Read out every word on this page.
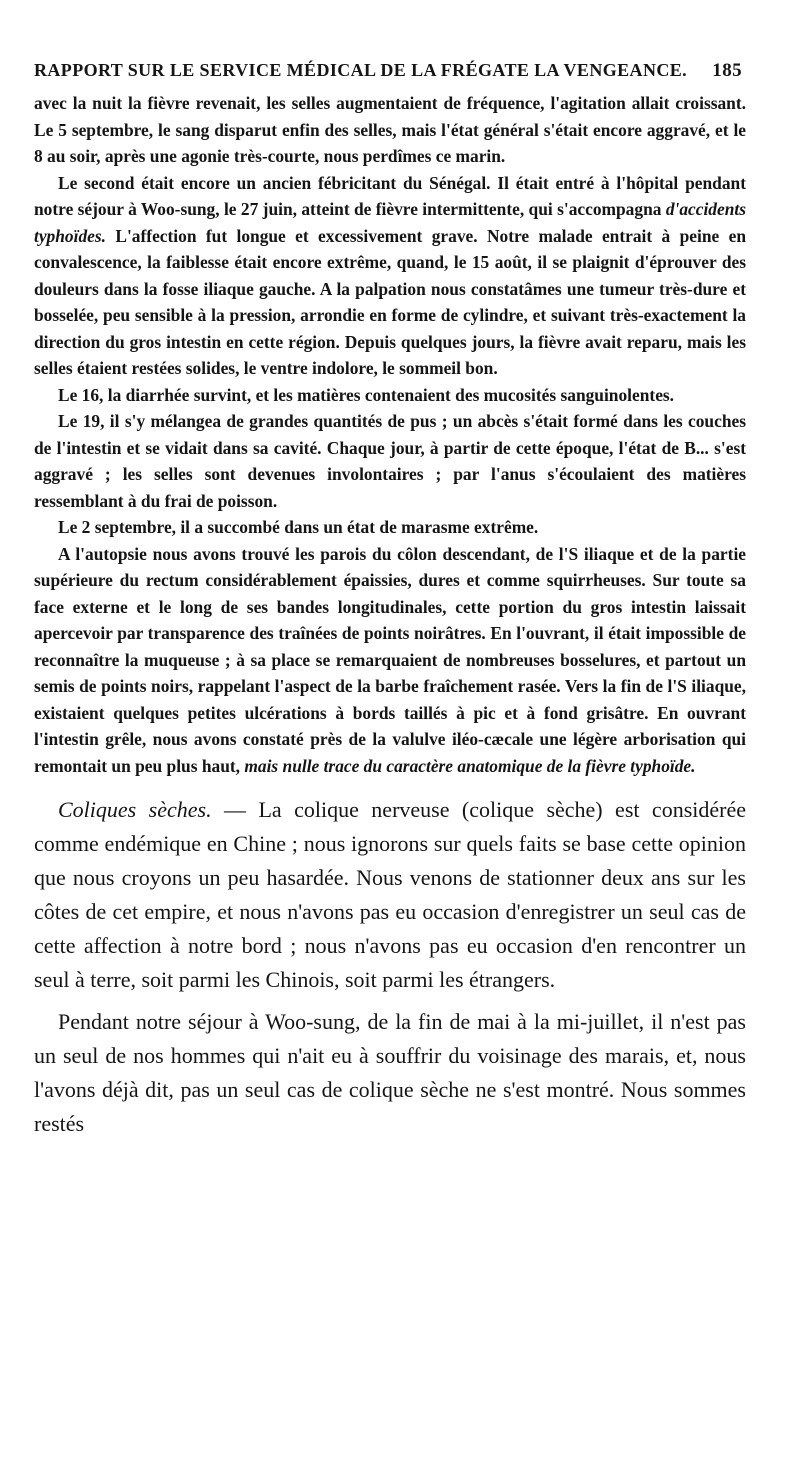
RAPPORT SUR LE SERVICE MÉDICAL DE LA FRÉGATE LA VENGEANCE. 185

avec la nuit la fièvre revenait, les selles augmentaient de fréquence, l'agitation allait croissant. Le 5 septembre, le sang disparut enfin des selles, mais l'état général s'était encore aggravé, et le 8 au soir, après une agonie très-courte, nous perdîmes ce marin.

Le second était encore un ancien fébricitant du Sénégal. Il était entré à l'hôpital pendant notre séjour à Woo-sung, le 27 juin, atteint de fièvre intermittente, qui s'accompagna d'accidents typhoïdes. L'affection fut longue et excessivement grave. Notre malade entrait à peine en convalescence, la faiblesse était encore extrême, quand, le 15 août, il se plaignit d'éprouver des douleurs dans la fosse iliaque gauche. A la palpation nous constatâmes une tumeur très-dure et bosselée, peu sensible à la pression, arrondie en forme de cylindre, et suivant très-exactement la direction du gros intestin en cette région. Depuis quelques jours, la fièvre avait reparu, mais les selles étaient restées solides, le ventre indolore, le sommeil bon.

Le 16, la diarrhée survint, et les matières contenaient des mucosités sanguinolentes.

Le 19, il s'y mélangea de grandes quantités de pus ; un abcès s'était formé dans les couches de l'intestin et se vidait dans sa cavité. Chaque jour, à partir de cette époque, l'état de B... s'est aggravé ; les selles sont devenues involontaires ; par l'anus s'écoulaient des matières ressemblant à du frai de poisson.

Le 2 septembre, il a succombé dans un état de marasme extrême.

A l'autopsie nous avons trouvé les parois du côlon descendant, de l'S iliaque et de la partie supérieure du rectum considérablement épaissies, dures et comme squirrheuses. Sur toute sa face externe et le long de ses bandes longitudinales, cette portion du gros intestin laissait apercevoir par transparence des traînées de points noirâtres. En l'ouvrant, il était impossible de reconnaître la muqueuse ; à sa place se remarquaient de nombreuses bosselures, et partout un semis de points noirs, rappelant l'aspect de la barbe fraîchement rasée. Vers la fin de l'S iliaque, existaient quelques petites ulcérations à bords taillés à pic et à fond grisâtre. En ouvrant l'intestin grêle, nous avons constaté près de la valulve iléo-cæcale une légère arborisation qui remontait un peu plus haut, mais nulle trace du caractère anatomique de la fièvre typhoïde.

Coliques sèches. — La colique nerveuse (colique sèche) est considérée comme endémique en Chine ; nous ignorons sur quels faits se base cette opinion que nous croyons un peu hasardée. Nous venons de stationner deux ans sur les côtes de cet empire, et nous n'avons pas eu occasion d'enregistrer un seul cas de cette affection à notre bord ; nous n'avons pas eu occasion d'en rencontrer un seul à terre, soit parmi les Chinois, soit parmi les étrangers.

Pendant notre séjour à Woo-sung, de la fin de mai à la mi-juillet, il n'est pas un seul de nos hommes qui n'ait eu à souffrir du voisinage des marais, et, nous l'avons déjà dit, pas un seul cas de colique sèche ne s'est montré. Nous sommes restés
